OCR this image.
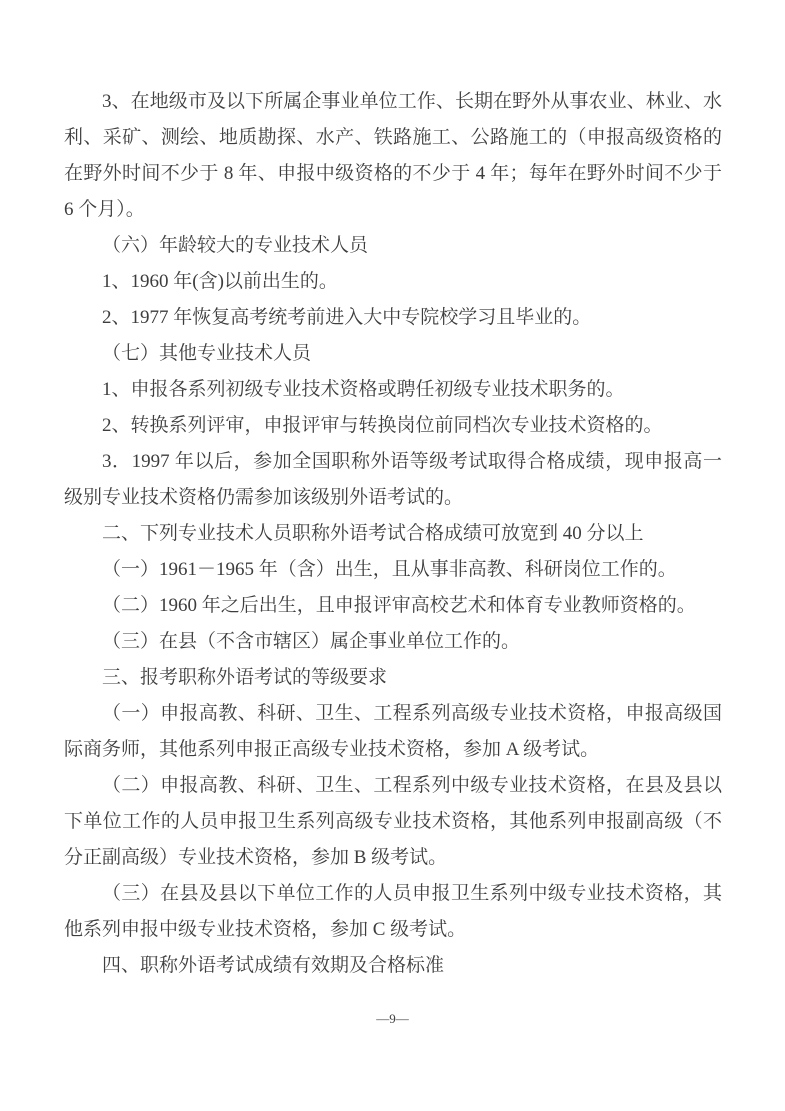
3、在地级市及以下所属企事业单位工作、长期在野外从事农业、林业、水利、采矿、测绘、地质勘探、水产、铁路施工、公路施工的（申报高级资格的在野外时间不少于 8 年、申报中级资格的不少于 4 年；每年在野外时间不少于 6 个月）。

（六）年龄较大的专业技术人员

1、1960 年(含)以前出生的。

2、1977 年恢复高考统考前进入大中专院校学习且毕业的。

（七）其他专业技术人员

1、申报各系列初级专业技术资格或聘任初级专业技术职务的。

2、转换系列评审，申报评审与转换岗位前同档次专业技术资格的。

3．1997 年以后，参加全国职称外语等级考试取得合格成绩，现申报高一级别专业技术资格仍需参加该级别外语考试的。

二、下列专业技术人员职称外语考试合格成绩可放宽到 40 分以上

（一）1961－1965 年（含）出生，且从事非高教、科研岗位工作的。

（二）1960 年之后出生，且申报评审高校艺术和体育专业教师资格的。

（三）在县（不含市辖区）属企事业单位工作的。

三、报考职称外语考试的等级要求

（一）申报高教、科研、卫生、工程系列高级专业技术资格，申报高级国际商务师，其他系列申报正高级专业技术资格，参加 A 级考试。

（二）申报高教、科研、卫生、工程系列中级专业技术资格，在县及县以下单位工作的人员申报卫生系列高级专业技术资格，其他系列申报副高级（不分正副高级）专业技术资格，参加 B 级考试。

（三）在县及县以下单位工作的人员申报卫生系列中级专业技术资格，其他系列申报中级专业技术资格，参加 C 级考试。

四、职称外语考试成绩有效期及合格标准

—9—
